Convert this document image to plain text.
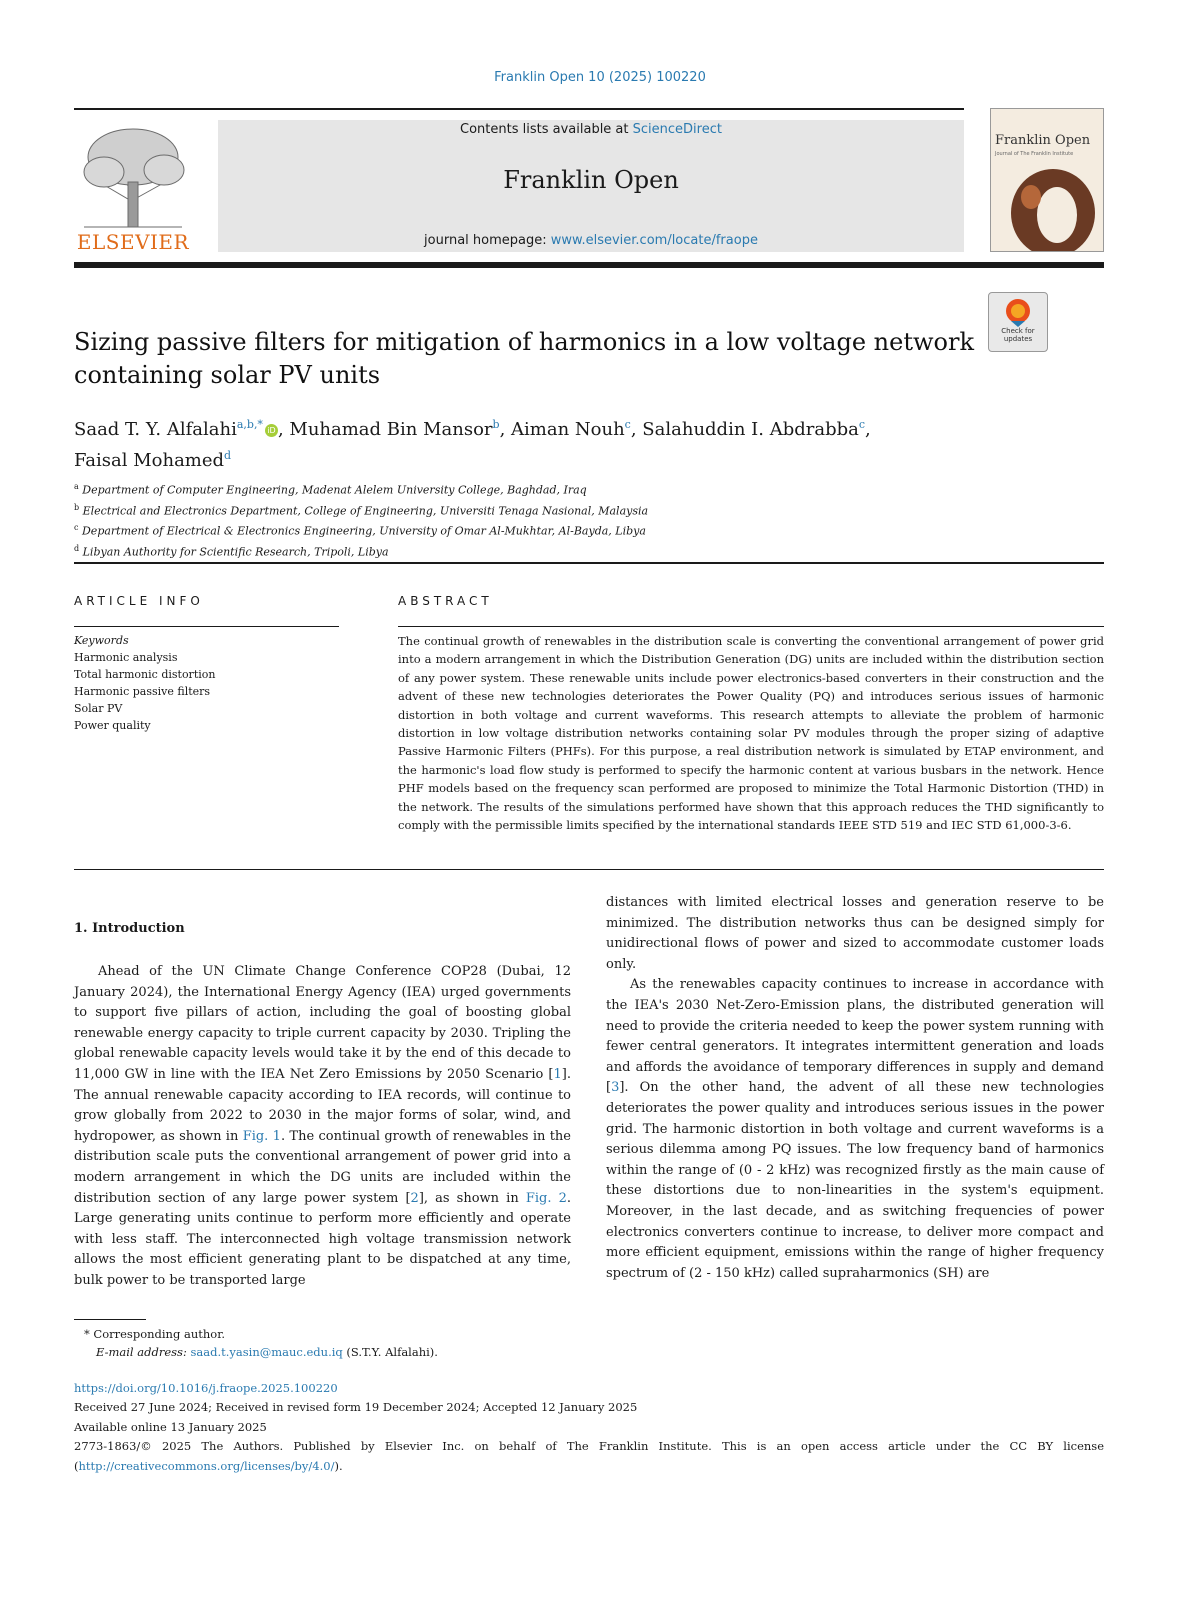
Franklin Open 10 (2025) 100220
ELSEVIER
Contents lists available at ScienceDirect
Franklin Open
journal homepage: www.elsevier.com/locate/fraope
Franklin Open
Journal of The Franklin Institute
Check for updates
Sizing passive filters for mitigation of harmonics in a low voltage network containing solar PV units
Saad T. Y. Alfalahi$^{a,b,*}$ iD , Muhamad Bin Mansor$^b$, Aiman Nouh$^c$, Salahuddin I. Abdrabba$^c$,
Faisal Mohamed$^d$
$^a$ Department of Computer Engineering, Madenat Alelem University College, Baghdad, Iraq
$^b$ Electrical and Electronics Department, College of Engineering, Universiti Tenaga Nasional, Malaysia
$^c$ Department of Electrical & Electronics Engineering, University of Omar Al-Mukhtar, Al-Bayda, Libya
$^d$ Libyan Authority for Scientific Research, Tripoli, Libya
ARTICLE INFO
Keywords
Harmonic analysis
Total harmonic distortion
Harmonic passive filters
Solar PV
Power quality
ABSTRACT
The continual growth of renewables in the distribution scale is converting the conventional arrangement of power grid into a modern arrangement in which the Distribution Generation (DG) units are included within the distribution section of any power system. These renewable units include power electronics-based converters in their construction and the advent of these new technologies deteriorates the Power Quality (PQ) and introduces serious issues of harmonic distortion in both voltage and current waveforms. This research attempts to alleviate the problem of harmonic distortion in low voltage distribution networks containing solar PV modules through the proper sizing of adaptive Passive Harmonic Filters (PHFs). For this purpose, a real distribution network is simulated by ETAP environment, and the harmonic's load flow study is performed to specify the harmonic content at various busbars in the network. Hence PHF models based on the frequency scan performed are proposed to minimize the Total Harmonic Distortion (THD) in the network. The results of the simulations performed have shown that this approach reduces the THD significantly to comply with the permissible limits specified by the international standards IEEE STD 519 and IEC STD 61,000-3-6.
1. Introduction

Ahead of the UN Climate Change Conference COP28 (Dubai, 12 January 2024), the International Energy Agency (IEA) urged governments to support five pillars of action, including the goal of boosting global renewable energy capacity to triple current capacity by 2030. Tripling the global renewable capacity levels would take it by the end of this decade to 11,000 GW in line with the IEA Net Zero Emissions by 2050 Scenario [1]. The annual renewable capacity according to IEA records, will continue to grow globally from 2022 to 2030 in the major forms of solar, wind, and hydropower, as shown in Fig. 1. The continual growth of renewables in the distribution scale puts the conventional arrangement of power grid into a modern arrangement in which the DG units are included within the distribution section of any large power system [2], as shown in Fig. 2. Large generating units continue to perform more efficiently and operate with less staff. The interconnected high voltage transmission network allows the most efficient generating plant to be dispatched at any time, bulk power to be transported large

distances with limited electrical losses and generation reserve to be minimized. The distribution networks thus can be designed simply for unidirectional flows of power and sized to accommodate customer loads only.

As the renewables capacity continues to increase in accordance with the IEA's 2030 Net-Zero-Emission plans, the distributed generation will need to provide the criteria needed to keep the power system running with fewer central generators. It integrates intermittent generation and loads and affords the avoidance of temporary differences in supply and demand [3]. On the other hand, the advent of all these new technologies deteriorates the power quality and introduces serious issues in the power grid. The harmonic distortion in both voltage and current waveforms is a serious dilemma among PQ issues. The low frequency band of harmonics within the range of (0 - 2 kHz) was recognized firstly as the main cause of these distortions due to non-linearities in the system's equipment. Moreover, in the last decade, and as switching frequencies of power electronics converters continue to increase, to deliver more compact and more efficient equipment, emissions within the range of higher frequency spectrum of (2 - 150 kHz) called supraharmonics (SH) are

* Corresponding author.

E-mail address: saad.t.yasin@mauc.edu.iq (S.T.Y. Alfalahi).

https://doi.org/10.1016/j.fraope.2025.100220

Received 27 June 2024; Received in revised form 19 December 2024; Accepted 12 January 2025

Available online 13 January 2025

2773-1863/© 2025 The Authors. Published by Elsevier Inc. on behalf of The Franklin Institute. This is an open access article under the CC BY license (http://creativecommons.org/licenses/by/4.0/).
